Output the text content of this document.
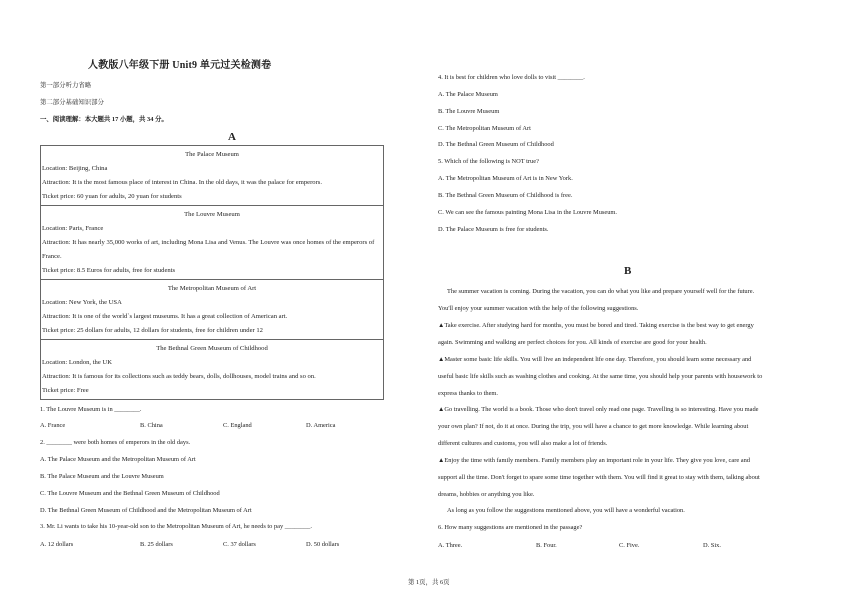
人教版八年级下册 Unit9 单元过关检测卷
第一部分听力省略
第二部分基础知识部分
一、阅读理解：本大题共 17 小题，共 34 分。
A
The Palace Museum
Location: Beijing, China
Attraction: It is the most famous place of interest in China. In the old days, it was the palace for emperors.
Ticket price: 60 yuan for adults, 20 yuan for students

The Louvre Museum
Location: Paris, France
Attraction: It has nearly 35,000 works of art, including Mona Lisa and Venus. The Louvre was once homes of the emperors of France.
Ticket price: 8.5 Euros for adults, free for students

The Metropolitan Museum of Art
Location: New York, the USA
Attraction: It is one of the world`s largest museums. It has a great collection of American art.
Ticket price: 25 dollars for adults, 12 dollars for students, free for children under 12

The Bethnal Green Museum of Childhood
Location: London, the UK
Attraction: It is famous for its collections such as teddy bears, dolls, dollhouses, model trains and so on.
Ticket price: Free
1. The Louvre Museum is in ________.
A. France	B. China	C. England	D. America
2. ________ were both homes of emperors in the old days.
A. The Palace Museum and the Metropolitan Museum of Art
B. The Palace Museum and the Louvre Museum
C. The Louvre Museum and the Bethnal Green Museum of Childhood
D. The Bethnal Green Museum of Childhood and the Metropolitan Museum of Art
3. Mr. Li wants to take his 10-year-old son to the Metropolitan Museum of Art, he needs to pay ________.
A. 12 dollars	B. 25 dollars	C. 37 dollars	D. 50 dollars
4. It is best for children who love dolls to visit ________.
A. The Palace Museum
B. The Louvre Museum
C. The Metropolitan Museum of Art
D. The Bethnal Green Museum of Childhood
5. Which of the following is NOT true?
A. The Metropolitan Museum of Art is in New York.
B. The Bethnal Green Museum of Childhood is free.
C. We can see the famous painting Mona Lisa in the Louvre Museum.
D. The Palace Museum is free for students.
B
The summer vacation is coming. During the vacation, you can do what you like and prepare yourself well for the future.
You'll enjoy your summer vacation with the help of the following suggestions.
▲Take exercise. After studying hard for months, you must be bored and tired. Taking exercise is the best way to get energy
again. Swimming and walking are perfect choices for you. All kinds of exercise are good for your health.
▲Master some basic life skills. You will live an independent life one day. Therefore, you should learn some necessary and
useful basic life skills such as washing clothes and cooking. At the same time, you should help your parents with housework to
express thanks to them.
▲Go travelling. The world is a book. Those who don't travel only read one page. Travelling is so interesting. Have you made
your own plan? If not, do it at once. During the trip, you will have a chance to get more knowledge. While learning about
different cultures and customs, you will also make a lot of friends.
▲Enjoy the time with family members. Family members play an important role in your life. They give you love, care and
support all the time. Don't forget to spare some time together with them. You will find it great to stay with them, talking about
dreams, hobbies or anything you like.
As long as you follow the suggestions mentioned above, you will have a wonderful vacation.
6. How many suggestions are mentioned in the passage?
A. Three.	B. Four.	C. Five.	D. Six.
第 1页，共 6页
